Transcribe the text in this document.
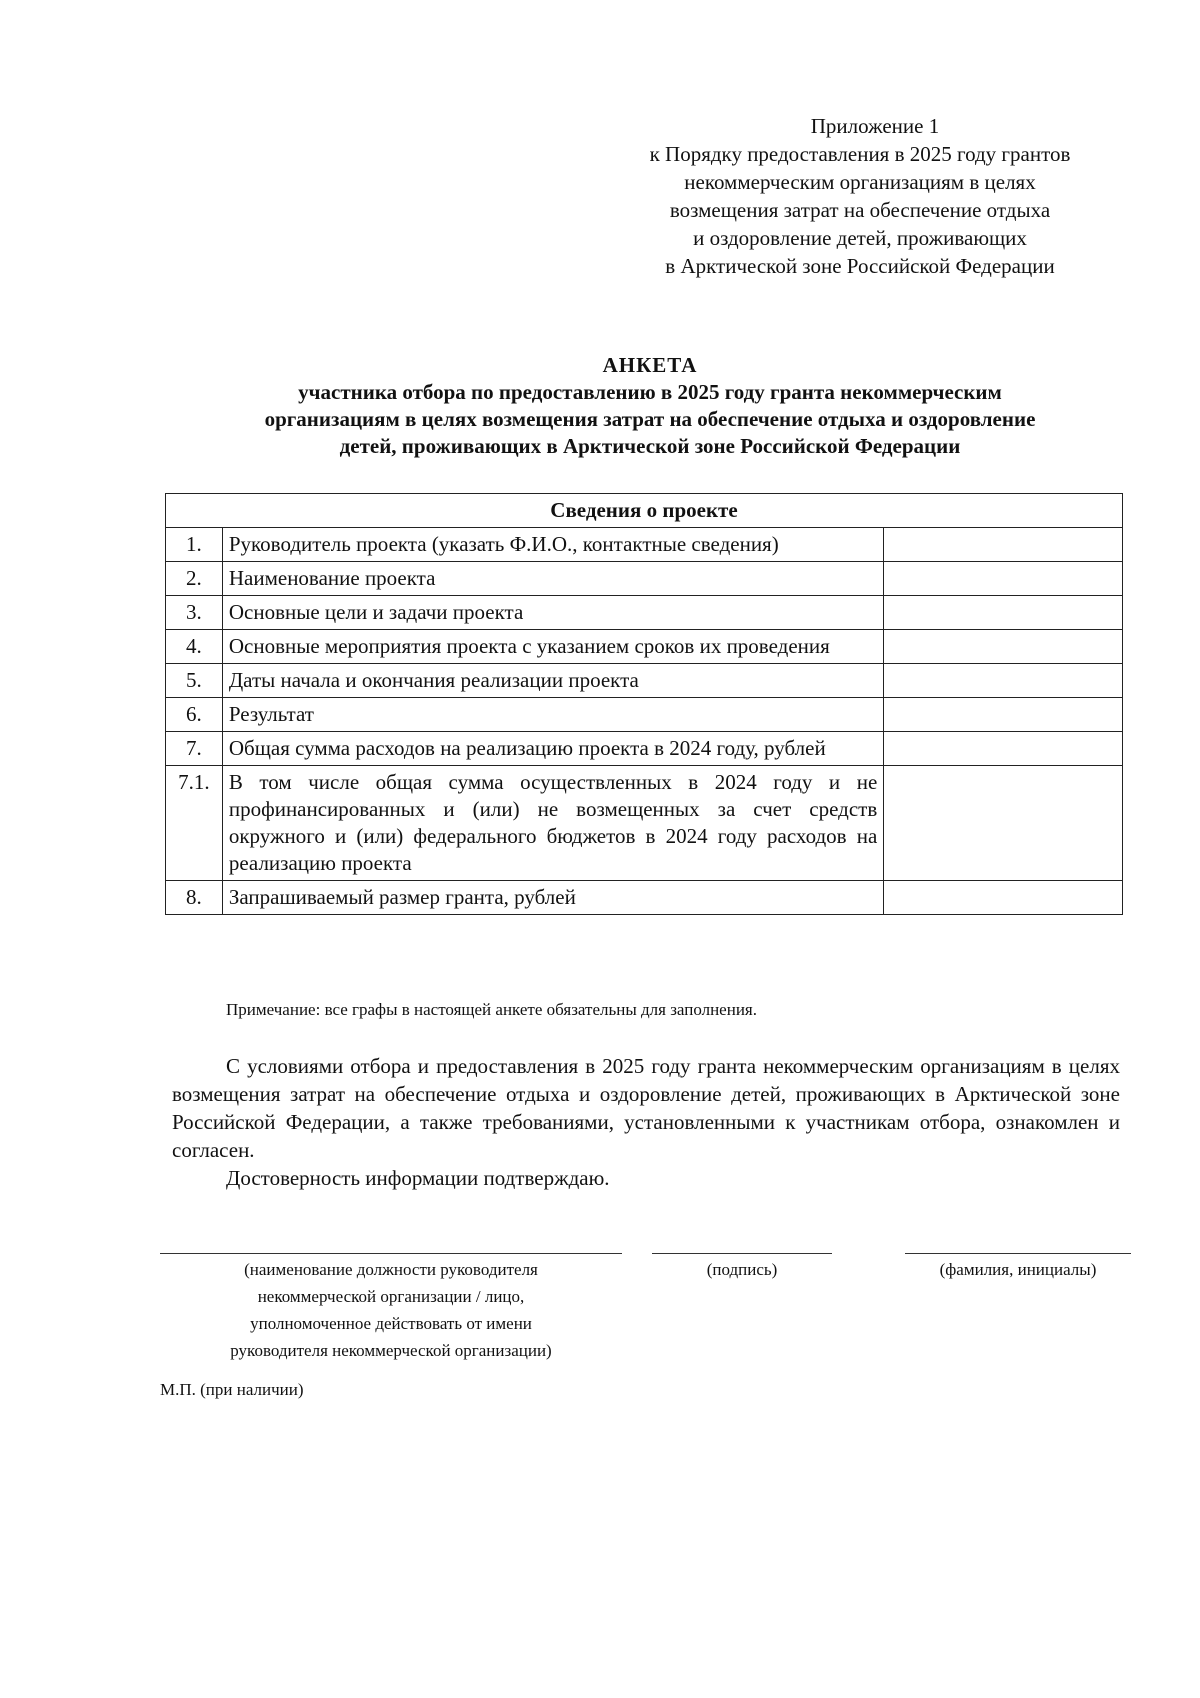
Приложение 1
к Порядку предоставления в 2025 году грантов
некоммерческим организациям в целях
возмещения затрат на обеспечение отдыха
и оздоровление детей, проживающих
в Арктической зоне Российской Федерации
АНКЕТА
участника отбора по предоставлению в 2025 году гранта некоммерческим
организациям в целях возмещения затрат на обеспечение отдыха и оздоровление
детей, проживающих в Арктической зоне Российской Федерации
Сведения о проекте		
1.	Руководитель проекта (указать Ф.И.О., контактные сведения)	
2.	Наименование проекта	
3.	Основные цели и задачи проекта	
4.	Основные мероприятия проекта с указанием сроков их проведения	
5.	Даты начала и окончания реализации проекта	
6.	Результат	
7.	Общая сумма расходов на реализацию проекта в 2024 году, рублей	
7.1.	В том числе общая сумма осуществленных в 2024 году и не профинансированных и (или) не возмещенных за счет средств окружного и (или) федерального бюджетов в 2024 году расходов на реализацию проекта	
8.	Запрашиваемый размер гранта, рублей	
Примечание: все графы в настоящей анкете обязательны для заполнения.

С условиями отбора и предоставления в 2025 году гранта некоммерческим организациям в целях возмещения затрат на обеспечение отдыха и оздоровление детей, проживающих в Арктической зоне Российской Федерации, а также требованиями, установленными к участникам отбора, ознакомлен и согласен.

Достоверность информации подтверждаю.

(наименование должности руководителя
некоммерческой организации / лицо,
уполномоченное действовать от имени
руководителя некоммерческой организации)
(подпись)	(фамилия, инициалы)
М.П. (при наличии)
